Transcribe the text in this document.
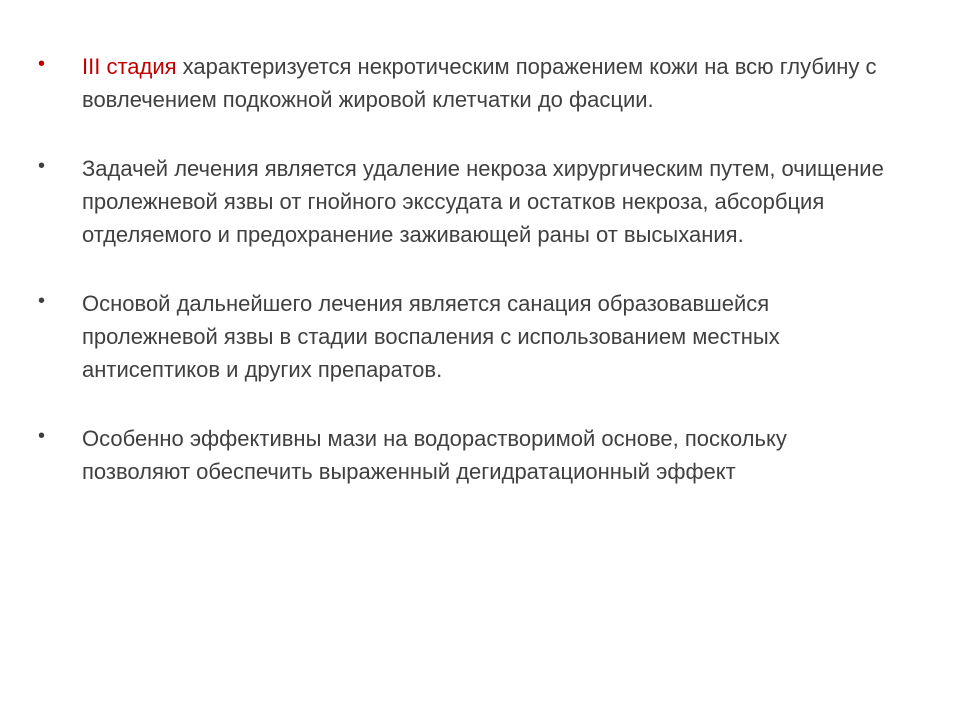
•	III стадия характеризуется некротическим поражением кожи на всю глубину с вовлечением подкожной жировой клетчатки до фасции.
•	Задачей лечения является удаление некроза хирургическим путем, очищение пролежневой язвы от гнойного экссудата и остатков некроза, абсорбция отделяемого и предохранение заживающей раны от высыхания.
•	Основой дальнейшего лечения является санация образовавшейся пролежневой язвы в стадии воспаления с использованием местных антисептиков и других препаратов.
•	Особенно эффективны мази на водорастворимой основе, поскольку позволяют обеспечить выраженный дегидратационный эффект
